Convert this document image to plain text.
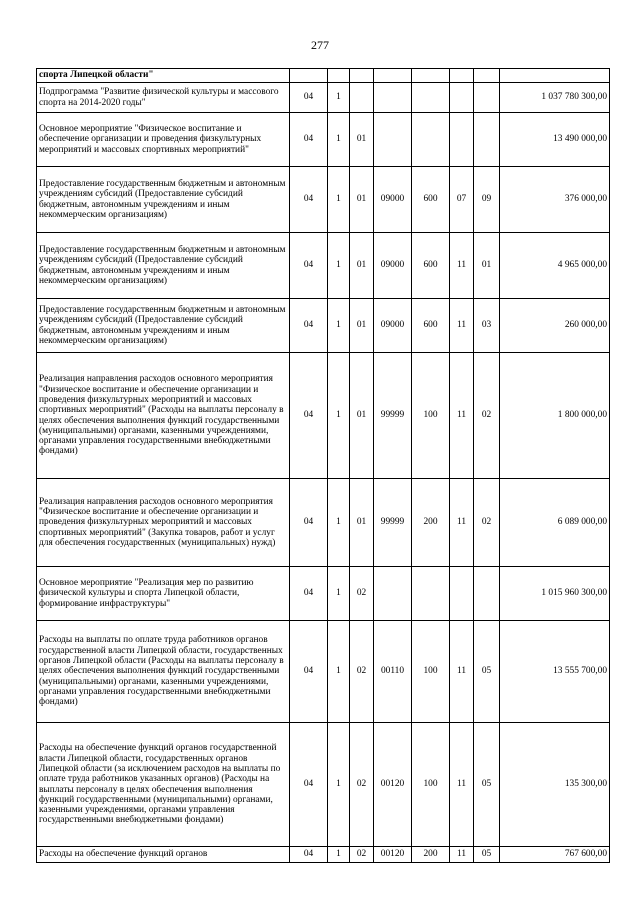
277
спорта Липецкой области"								
Подпрограмма "Развитие физической культуры и массового спорта на 2014-2020 годы"	04	1						1 037 780 300,00
Основное мероприятие "Физическое воспитание и обеспечение организации и проведения физкультурных мероприятий и массовых спортивных мероприятий"	04	1	01					13 490 000,00
Предоставление государственным бюджетным и автономным учреждениям субсидий (Предоставление субсидий бюджетным, автономным учреждениям и иным некоммерческим организациям)	04	1	01	09000	600	07	09	376 000,00
Предоставление государственным бюджетным и автономным учреждениям субсидий (Предоставление субсидий бюджетным, автономным учреждениям и иным некоммерческим организациям)	04	1	01	09000	600	11	01	4 965 000,00
Предоставление государственным бюджетным и автономным учреждениям субсидий (Предоставление субсидий бюджетным, автономным учреждениям и иным некоммерческим организациям)	04	1	01	09000	600	11	03	260 000,00
Реализация направления расходов основного мероприятия "Физическое воспитание и обеспечение организации и проведения физкультурных мероприятий и массовых спортивных мероприятий" (Расходы на выплаты персоналу в целях обеспечения выполнения функций государственными (муниципальными) органами, казенными учреждениями, органами управления государственными внебюджетными фондами)	04	1	01	99999	100	11	02	1 800 000,00
Реализация направления расходов основного мероприятия "Физическое воспитание и обеспечение организации и проведения физкультурных мероприятий и массовых спортивных мероприятий" (Закупка товаров, работ и услуг для обеспечения государственных (муниципальных) нужд)	04	1	01	99999	200	11	02	6 089 000,00
Основное мероприятие "Реализация мер по развитию физической культуры и спорта Липецкой области, формирование инфраструктуры"	04	1	02					1 015 960 300,00
Расходы на выплаты по оплате труда работников органов государственной власти Липецкой области, государственных органов Липецкой области (Расходы на выплаты персоналу в целях обеспечения выполнения функций государственными (муниципальными) органами, казенными учреждениями, органами управления государственными внебюджетными фондами)	04	1	02	00110	100	11	05	13 555 700,00
Расходы на обеспечение функций органов государственной власти Липецкой области, государственных органов Липецкой области (за исключением расходов на выплаты по оплате труда работников указанных органов) (Расходы на выплаты персоналу в целях обеспечения выполнения функций государственными (муниципальными) органами, казенными учреждениями, органами управления государственными внебюджетными фондами)	04	1	02	00120	100	11	05	135 300,00
Расходы на обеспечение функций органов	04	1	02	00120	200	11	05	767 600,00
